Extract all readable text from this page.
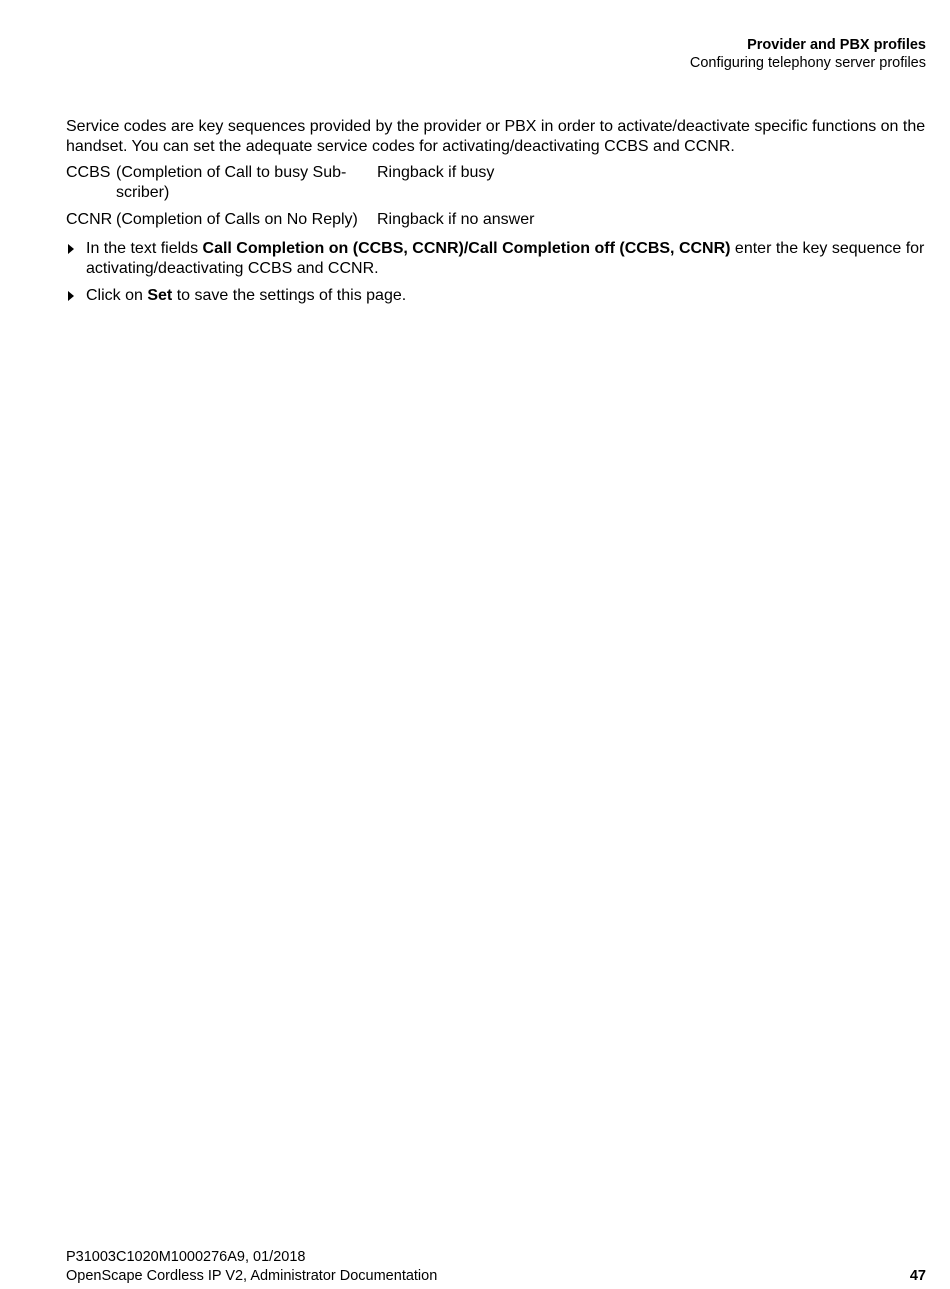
Provider and PBX profiles
Configuring telephony server profiles

Service codes are key sequences provided by the provider or PBX in order to activate/deactivate specific functions on the handset. You can set the adequate service codes for activating/deactivating CCBS and CCNR.

CCBS	(Completion of Call to busy Sub-scriber)	Ringback if busy
CCNR	(Completion of Calls on No Reply)	Ringback if no answer
In the text fields Call Completion on (CCBS, CCNR)/Call Completion off (CCBS, CCNR) enter the key sequence for activating/deactivating CCBS and CCNR.
Click on Set to save the settings of this page.
P31003C1020M1000276A9, 01/2018
OpenScape Cordless IP V2, Administrator Documentation	47
